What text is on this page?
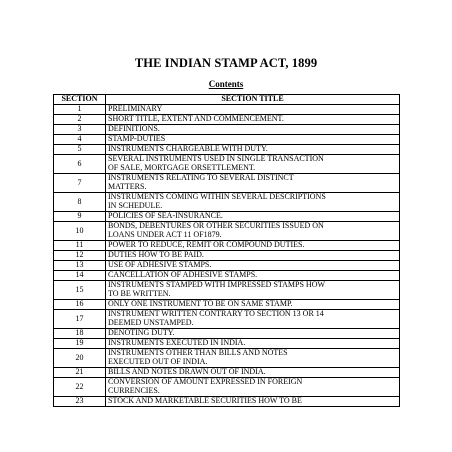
THE INDIAN STAMP ACT, 1899
Contents
SECTION	SECTION TITLE
1	PRELIMINARY

2	SHORT TITLE, EXTENT AND COMMENCEMENT.

3	DEFINITIONS.

4	STAMP-DUTIES

5	INSTRUMENTS CHARGEABLE WITH DUTY.

6	SEVERAL INSTRUMENTS USED IN SINGLE TRANSACTION
OF SALE, MORTGAGE ORSETTLEMENT.

7	INSTRUMENTS RELATING TO SEVERAL DISTINCT
MATTERS.

8	INSTRUMENTS COMING WITHIN SEVERAL DESCRIPTIONS
IN SCHEDULE.

9	POLICIES OF SEA-INSURANCE.

10	BONDS, DEBENTURES OR OTHER SECURITIES ISSUED ON
LOANS UNDER ACT 11 OF1879.

11	POWER TO REDUCE, REMIT OR COMPOUND DUTIES.

12	DUTIES HOW TO BE PAID.

13	USE OF ADHESIVE STAMPS.

14	CANCELLATION OF ADHESIVE STAMPS.

15	INSTRUMENTS STAMPED WITH IMPRESSED STAMPS HOW
TO BE WRITTEN.

16	ONLY ONE INSTRUMENT TO BE ON SAME STAMP.

17	INSTRUMENT WRITTEN CONTRARY TO SECTION 13 OR 14
DEEMED UNSTAMPED.

18	DENOTING DUTY.

19	INSTRUMENTS EXECUTED IN INDIA.

20	INSTRUMENTS OTHER THAN BILLS AND NOTES
EXECUTED OUT OF INDIA.

21	BILLS AND NOTES DRAWN OUT OF INDIA.

22	CONVERSION OF AMOUNT EXPRESSED IN FOREIGN
CURRENCIES.

23	STOCK AND MARKETABLE SECURITIES HOW TO BE
